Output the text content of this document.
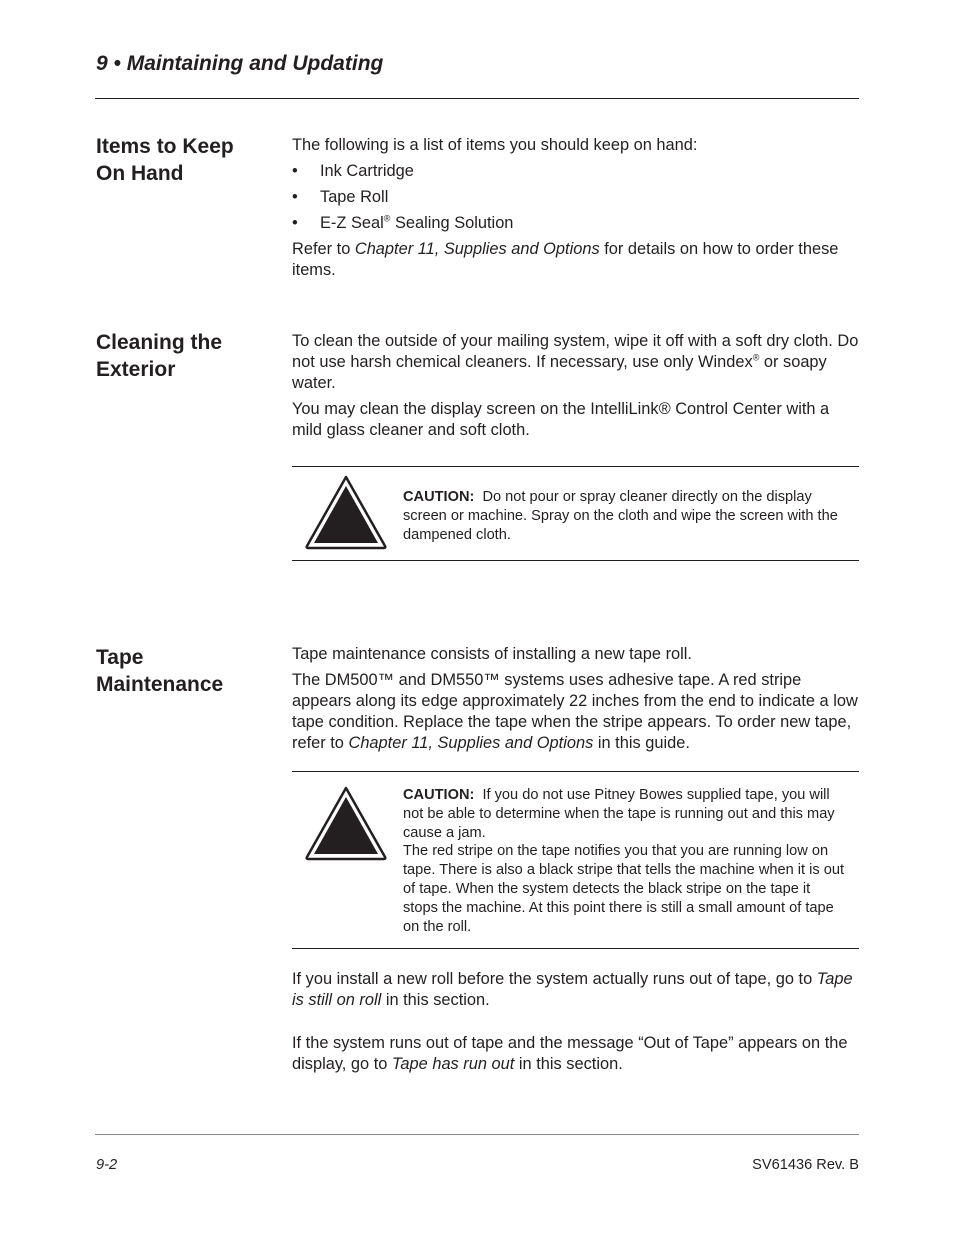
9 • Maintaining and Updating
Items to Keep
On Hand

The following is a list of items you should keep on hand:

• Ink Cartridge
• Tape Roll
• E-Z Seal® Sealing Solution

Refer to Chapter 11, Supplies and Options for details on how to order these items.

Cleaning the
Exterior

To clean the outside of your mailing system, wipe it off with a soft dry cloth. Do not use harsh chemical cleaners. If necessary, use only Windex® or soapy water.

You may clean the display screen on the IntelliLink® Control Center with a mild glass cleaner and soft cloth.

CAUTION: Do not pour or spray cleaner directly on the display screen or machine. Spray on the cloth and wipe the screen with the dampened cloth.
Tape
Maintenance

Tape maintenance consists of installing a new tape roll.

The DM500™ and DM550™ systems uses adhesive tape. A red stripe appears along its edge approximately 22 inches from the end to indicate a low tape condition. Replace the tape when the stripe appears. To order new tape, refer to Chapter 11, Supplies and Options in this guide.

CAUTION: If you do not use Pitney Bowes supplied tape, you will not be able to determine when the tape is running out and this may cause a jam.
The red stripe on the tape notifies you that you are running low on tape. There is also a black stripe that tells the machine when it is out of tape. When the system detects the black stripe on the tape it stops the machine. At this point there is still a small amount of tape on the roll.

If you install a new roll before the system actually runs out of tape, go to Tape is still on roll in this section.

If the system runs out of tape and the message “Out of Tape” appears on the display, go to Tape has run out in this section.

9-2	SV61436 Rev. B
